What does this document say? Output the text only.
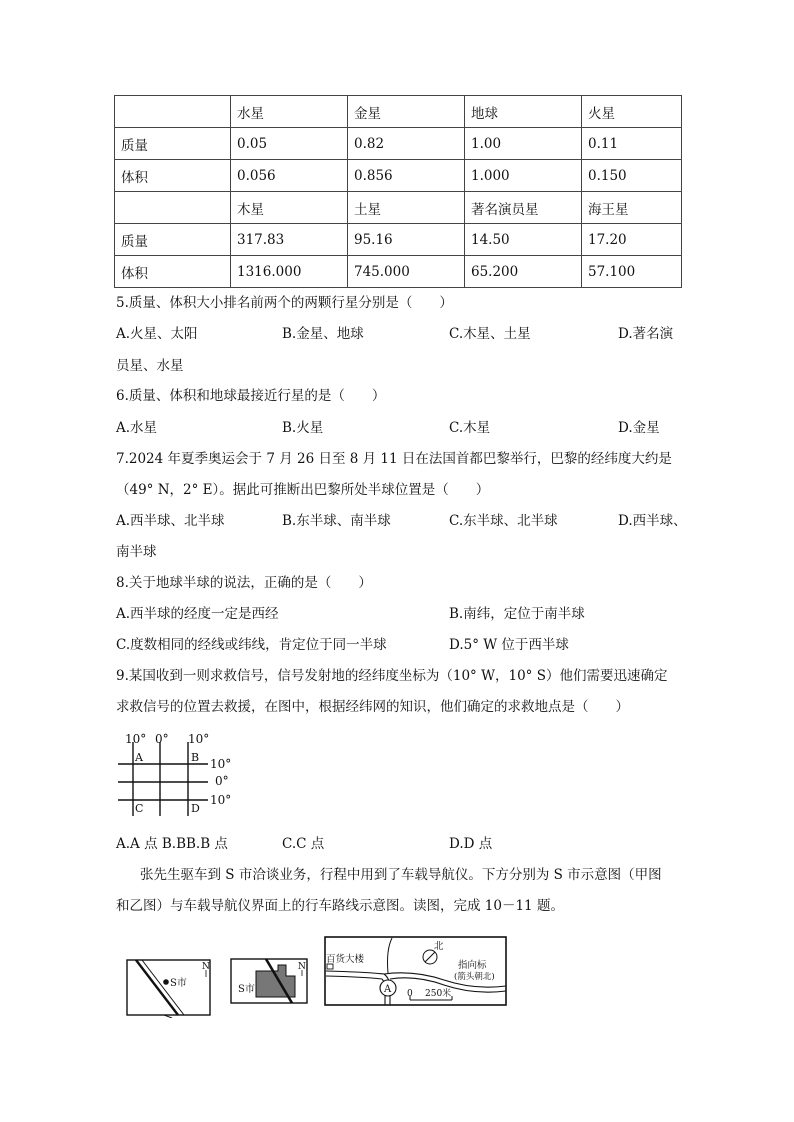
	水星	金星	地球	火星
质量	0.05	0.82	1.00	0.11
体积	0.056	0.856	1.000	0.150
	木星	土星	著名演员星	海王星
质量	317.83	95.16	14.50	17.20
体积	1316.000	745.000	65.200	57.100
5.质量、体积大小排名前两个的两颗行星分别是（　　）
A.火星、太阳	B.金星、地球	C.木星、土星	D.著名演
员星、水星
6.质量、体积和地球最接近行星的是（　　）
A.水星	B.火星	C.木星	D.金星
7.2024 年夏季奥运会于 7 月 26 日至 8 月 11 日在法国首都巴黎举行，巴黎的经纬度大约是
（49° N，2° E）。据此可推断出巴黎所处半球位置是（　　）
A.西半球、北半球	B.东半球、南半球	C.东半球、北半球	D.西半球、
南半球
8.关于地球半球的说法，正确的是（　　）
A.西半球的经度一定是西经	B.南纬，定位于南半球
C.度数相同的经线或纬线，肯定位于同一半球	D.5° W 位于西半球
9.某国收到一则求救信号，信号发射地的经纬度坐标为（10° W，10° S）他们需要迅速确定
求救信号的位置去救援，在图中，根据经纬网的知识，他们确定的求救地点是（　　）
10° 0° 10°
10°
0°
10°
A	B
C	D
A.A 点 B.BB.B 点	C.C 点	D.D 点
张先生驱车到 S 市洽谈业务，行程中用到了车载导航仪。下方分别为 S 市示意图（甲图
和乙图）与车载导航仪界面上的行车路线示意图。读图，完成 10－11 题。
S市
N
S市
N
百货大楼
A
北
指向标
(箭头朝北)
0 250米
